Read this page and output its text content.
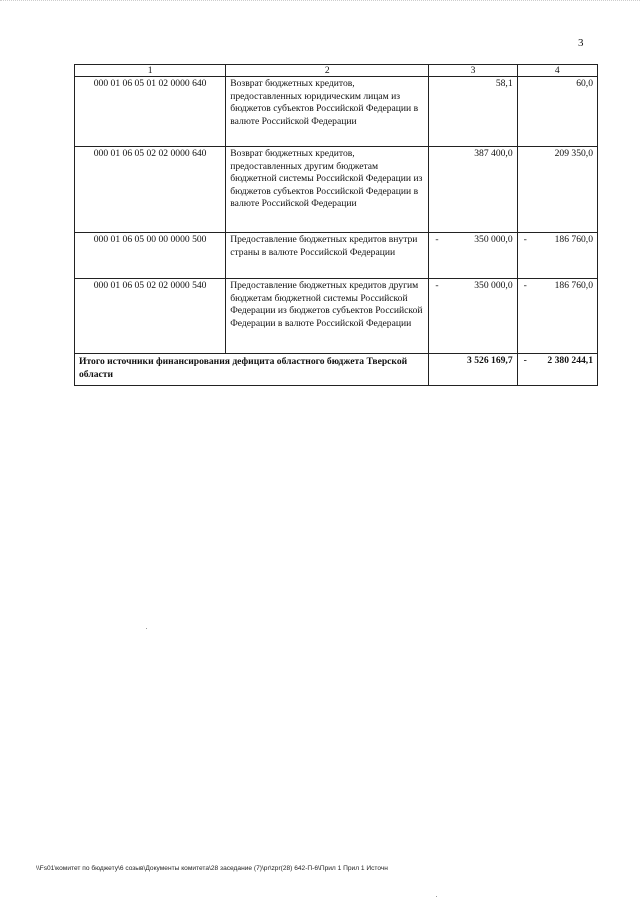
3
1	2	3	4
000 01 06 05 01 02 0000 640	Возврат бюджетных кредитов, предоставленных юридическим лицам из бюджетов субъектов Российской Федерации в валюте Российской Федерации	58,1	60,0

000 01 06 05 02 02 0000 640	Возврат бюджетных кредитов, предоставленных другим бюджетам бюджетной системы Российской Федерации из бюджетов субъектов Российской Федерации в валюте Российской Федерации	387 400,0	209 350,0

000 01 06 05 00 00 0000 500	Предоставление бюджетных кредитов внутри страны в валюте Российской Федерации	- 350 000,0	- 186 760,0

000 01 06 05 02 02 0000 540	Предоставление бюджетных кредитов другим бюджетам бюджетной системы Российской Федерации из бюджетов субъектов Российской Федерации в валюте Российской Федерации	- 350 000,0	- 186 760,0

Итого источники финансирования дефицита областного бюджета Тверской области		3 526 169,7	- 2 380 244,1
\\Fs01\комитет по бюджету\6 созыв\Документы комитета\28 заседание (7)\pr\zpr(28) 642-П-6\Прил 1 Прил 1 Источн
